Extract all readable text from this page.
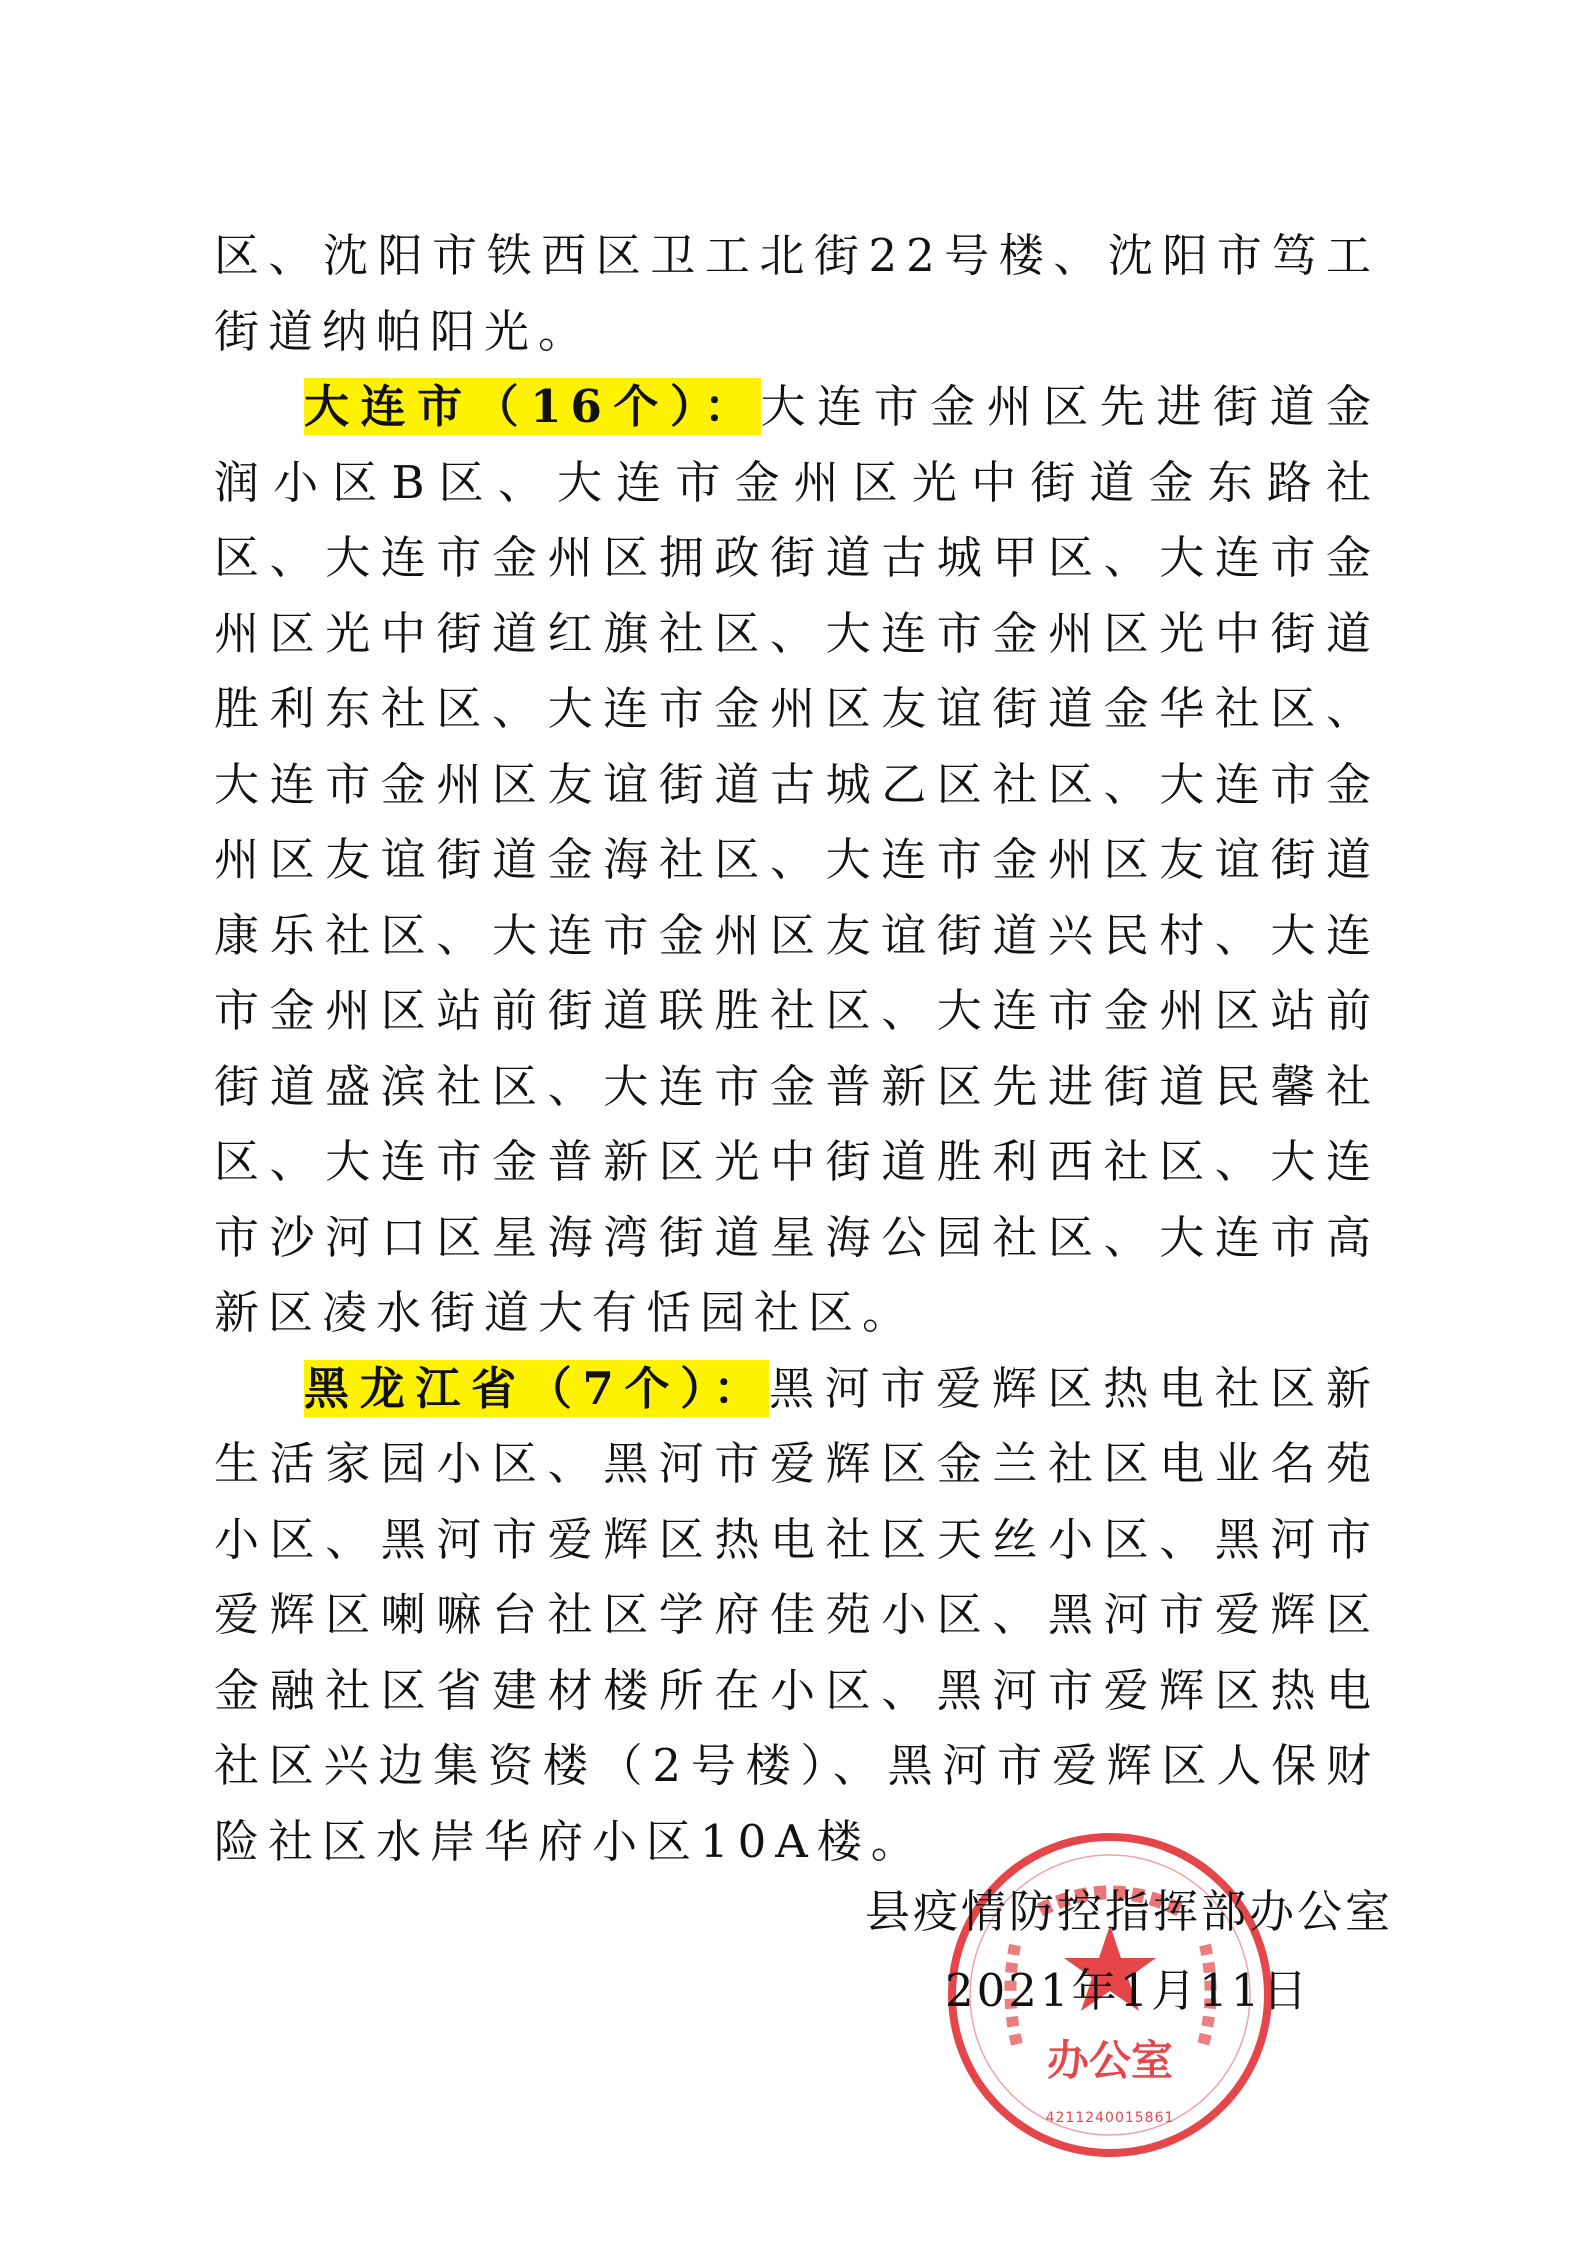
区、沈阳市铁西区卫工北街22号楼、沈阳市笃工街道纳帕阳光。

大连市（16个）：大连市金州区先进街道金润小区B区、大连市金州区光中街道金东路社区、大连市金州区拥政街道古城甲区、大连市金州区光中街道红旗社区、大连市金州区光中街道胜利东社区、大连市金州区友谊街道金华社区、大连市金州区友谊街道古城乙区社区、大连市金州区友谊街道金海社区、大连市金州区友谊街道康乐社区、大连市金州区友谊街道兴民村、大连市金州区站前街道联胜社区、大连市金州区站前街道盛滨社区、大连市金普新区先进街道民馨社区、大连市金普新区光中街道胜利西社区、大连市沙河口区星海湾街道星海公园社区、大连市高新区凌水街道大有恬园社区。

黑龙江省（7个）：黑河市爱辉区热电社区新生活家园小区、黑河市爱辉区金兰社区电业名苑小区、黑河市爱辉区热电社区天丝小区、黑河市爱辉区喇嘛台社区学府佳苑小区、黑河市爱辉区金融社区省建材楼所在小区、黑河市爱辉区热电社区兴边集资楼（2号楼）、黑河市爱辉区人保财险社区水岸华府小区10A楼。

办公室
4211240015861
县疫情防控指挥部办公室
2021年1月11日
